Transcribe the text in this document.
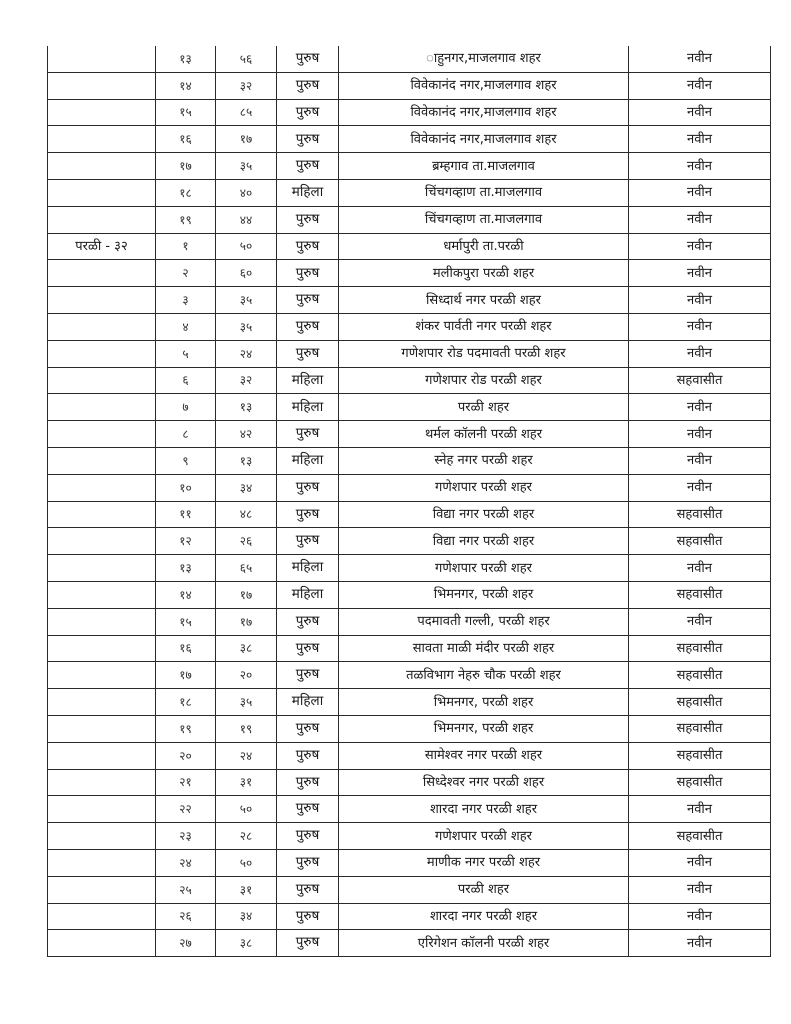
	१३	५६	पुरुष	ाहुनगर,माजलगाव शहर	नवीन
	१४	३२	पुरुष	विवेकानंद नगर,माजलगाव शहर	नवीन
	१५	८५	पुरुष	विवेकानंद नगर,माजलगाव शहर	नवीन
	१६	१७	पुरुष	विवेकानंद नगर,माजलगाव शहर	नवीन
	१७	३५	पुरुष	ब्रम्हगाव ता.माजलगाव	नवीन
	१८	४०	महिला	चिंचगव्हाण ता.माजलगाव	नवीन
	१९	४४	पुरुष	चिंचगव्हाण ता.माजलगाव	नवीन
परळी - ३२	१	५०	पुरुष	धर्मापुरी ता.परळी	नवीन
	२	६०	पुरुष	मलीकपुरा परळी शहर	नवीन
	३	३५	पुरुष	सिध्दार्थ नगर परळी शहर	नवीन
	४	३५	पुरुष	शंकर पार्वती नगर परळी शहर	नवीन
	५	२४	पुरुष	गणेशपार रोड पदमावती परळी शहर	नवीन
	६	३२	महिला	गणेशपार रोड परळी शहर	सहवासीत
	७	१३	महिला	परळी शहर	नवीन
	८	४२	पुरुष	थर्मल कॉलनी परळी शहर	नवीन
	९	१३	महिला	स्नेह नगर परळी शहर	नवीन
	१०	३४	पुरुष	गणेशपार परळी शहर	नवीन
	११	४८	पुरुष	विद्या नगर परळी शहर	सहवासीत
	१२	२६	पुरुष	विद्या नगर परळी शहर	सहवासीत
	१३	६५	महिला	गणेशपार परळी शहर	नवीन
	१४	१७	महिला	भिमनगर, परळी शहर	सहवासीत
	१५	१७	पुरुष	पदमावती गल्ली, परळी शहर	नवीन
	१६	३८	पुरुष	सावता माळी मंदीर परळी शहर	सहवासीत
	१७	२०	पुरुष	तळविभाग नेहरु चौक परळी शहर	सहवासीत
	१८	३५	महिला	भिमनगर, परळी शहर	सहवासीत
	१९	१९	पुरुष	भिमनगर, परळी शहर	सहवासीत
	२०	२४	पुरुष	सामेश्वर नगर परळी शहर	सहवासीत
	२१	३१	पुरुष	सिध्देश्वर नगर परळी शहर	सहवासीत
	२२	५०	पुरुष	शारदा नगर परळी शहर	नवीन
	२३	२८	पुरुष	गणेशपार परळी शहर	सहवासीत
	२४	५०	पुरुष	माणीक नगर परळी शहर	नवीन
	२५	३१	पुरुष	परळी शहर	नवीन
	२६	३४	पुरुष	शारदा नगर परळी शहर	नवीन
	२७	३८	पुरुष	एरिगेशन कॉलनी परळी शहर	नवीन
